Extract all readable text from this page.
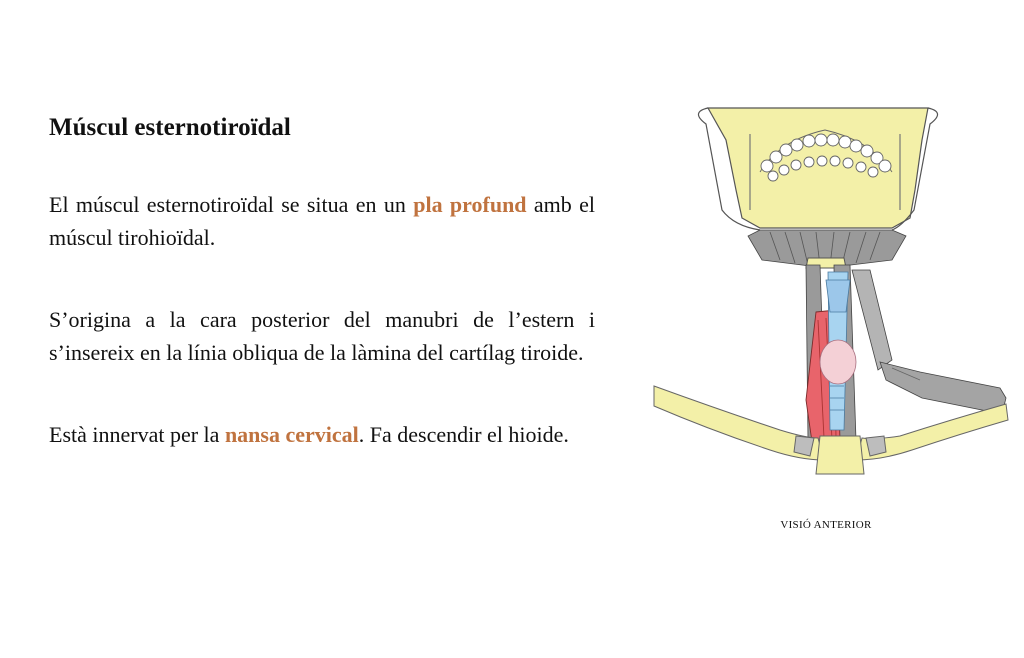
Múscul esternotiroïdal

El múscul esternotiroïdal se situa en un pla profund amb el múscul tirohioïdal.

S’origina a la cara posterior del manubri de l’estern i s’insereix en la línia obliqua de la làmina del cartílag tiroide.

Està innervat per la nansa cervical. Fa descendir el hioide.

VISIÓ ANTERIOR
